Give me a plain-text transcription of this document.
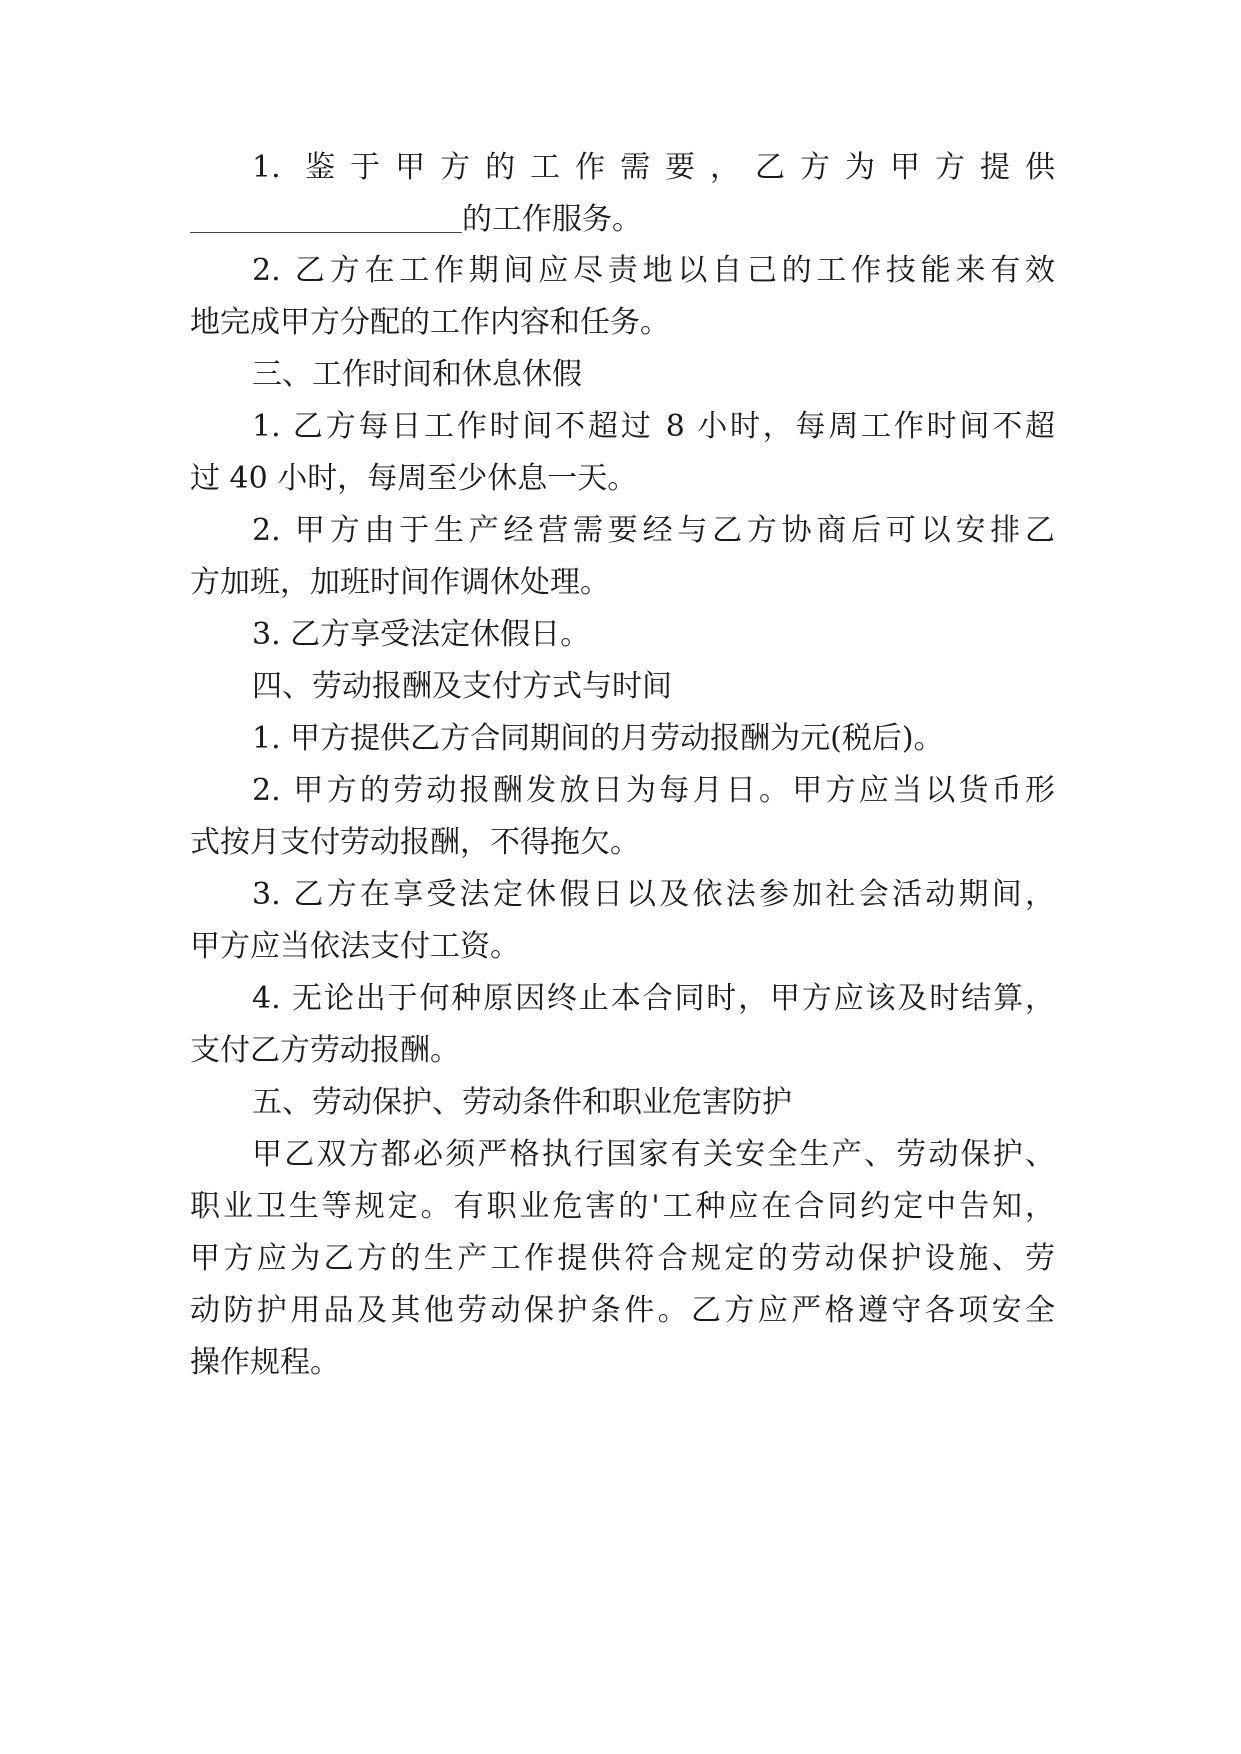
1. 鉴于甲方的工作需要，乙方为甲方提供
的工作服务。
2. 乙方在工作期间应尽责地以自己的工作技能来有效
地完成甲方分配的工作内容和任务。
三、工作时间和休息休假
1. 乙方每日工作时间不超过 8 小时，每周工作时间不超
过 40 小时，每周至少休息一天。
2. 甲方由于生产经营需要经与乙方协商后可以安排乙
方加班，加班时间作调休处理。
3. 乙方享受法定休假日。
四、劳动报酬及支付方式与时间
1. 甲方提供乙方合同期间的月劳动报酬为元(税后)。
2. 甲方的劳动报酬发放日为每月日。甲方应当以货币形
式按月支付劳动报酬，不得拖欠。
3. 乙方在享受法定休假日以及依法参加社会活动期间，
甲方应当依法支付工资。
4. 无论出于何种原因终止本合同时，甲方应该及时结算，
支付乙方劳动报酬。
五、劳动保护、劳动条件和职业危害防护
甲乙双方都必须严格执行国家有关安全生产、劳动保护、
职业卫生等规定。有职业危害的'工种应在合同约定中告知，
甲方应为乙方的生产工作提供符合规定的劳动保护设施、劳
动防护用品及其他劳动保护条件。乙方应严格遵守各项安全
操作规程。
